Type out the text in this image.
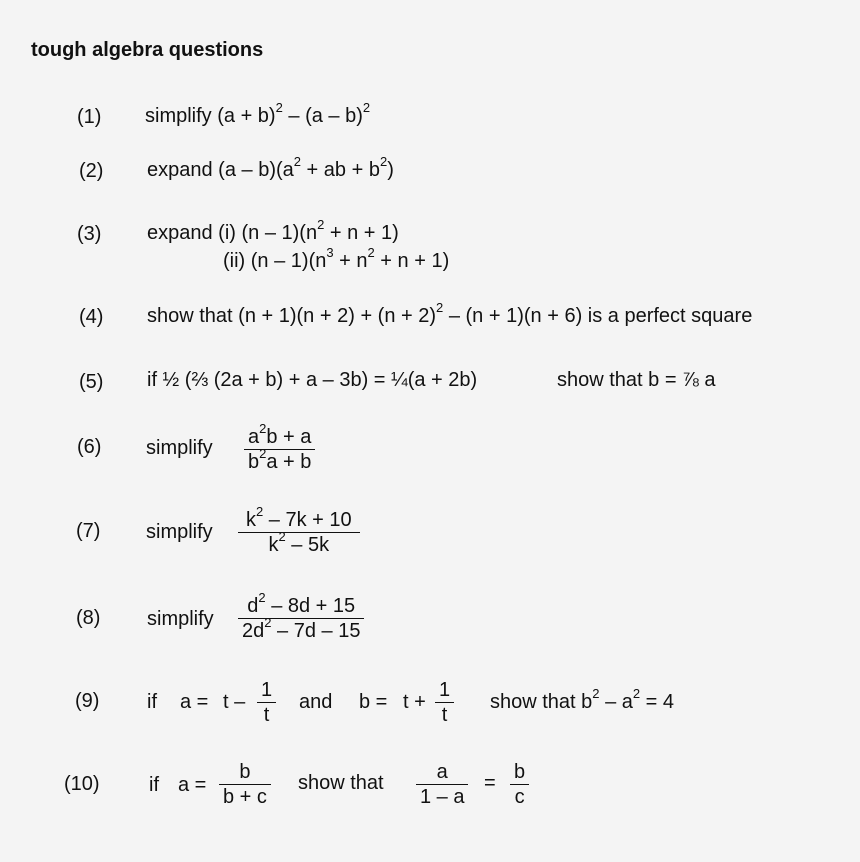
tough algebra questions
(1) simplify $(a + b)^2 - (a - b)^2$
(2) expand $(a - b)(a^2$ + ab + $b^2$)
(3) expand (i) $(n - 1)(n^2 + n + 1)$
(ii) $(n - 1)(n^3 + n^2 + n + 1)$
(4) show that $(n + 1)(n + 2) + (n + 2)^2 - (n + 1)(n + 6)$ is a perfect square
(5) if ½ (⅔ (2a + b) + a – 3b) = ¼(a + 2b)	show that b = ⅞ a
(6) simplify $a^2b + a$
$b^2a + b$
(7) simplify
$k^2 - 7k + 10$
$k^2 - 5k$
(8) simplify
$d^2 - 8d + 15$
$2d^2 - 7d - 15$
(9) if a = t –
1
t
and b = t +
1
t
show that $b^2 - a^2 = 4$
(10) if a =
b
b + c
show that	a
1 – a
= b
c
